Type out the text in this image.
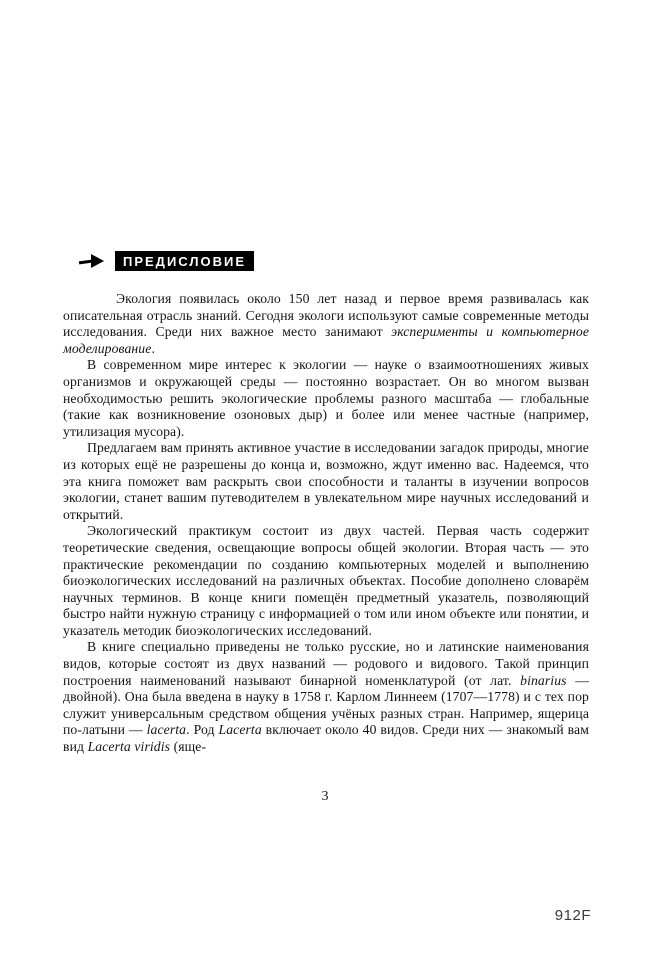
ПРЕДИСЛОВИЕ

Экология появилась около 150 лет назад и первое время развивалась как описательная отрасль знаний. Сегодня экологи используют самые современные методы исследования. Среди них важное место занимают эксперименты и компьютерное моделирование.

В современном мире интерес к экологии — науке о взаимоотношениях живых организмов и окружающей среды — постоянно возрастает. Он во многом вызван необходимостью решить экологические проблемы разного масштаба — глобальные (такие как возникновение озоновых дыр) и более или менее частные (например, утилизация мусора).

Предлагаем вам принять активное участие в исследовании загадок природы, многие из которых ещё не разрешены до конца и, возможно, ждут именно вас. Надеемся, что эта книга поможет вам раскрыть свои способности и таланты в изучении вопросов экологии, станет вашим путеводителем в увлекательном мире научных исследований и открытий.

Экологический практикум состоит из двух частей. Первая часть содержит теоретические сведения, освещающие вопросы общей экологии. Вторая часть — это практические рекомендации по созданию компьютерных моделей и выполнению биоэкологических исследований на различных объектах. Пособие дополнено словарём научных терминов. В конце книги помещён предметный указатель, позволяющий быстро найти нужную страницу с информацией о том или ином объекте или понятии, и указатель методик биоэкологических исследований.

В книге специально приведены не только русские, но и латинские наименования видов, которые состоят из двух названий — родового и видового. Такой принцип построения наименований называют бинарной номенклатурой (от лат. binarius — двойной). Она была введена в науку в 1758 г. Карлом Линнеем (1707—1778) и с тех пор служит универсальным средством общения учёных разных стран. Например, ящерица по-латыни — lacerta. Род Lacerta включает около 40 видов. Среди них — знакомый вам вид Lacerta viridis (яще-

3
912F
